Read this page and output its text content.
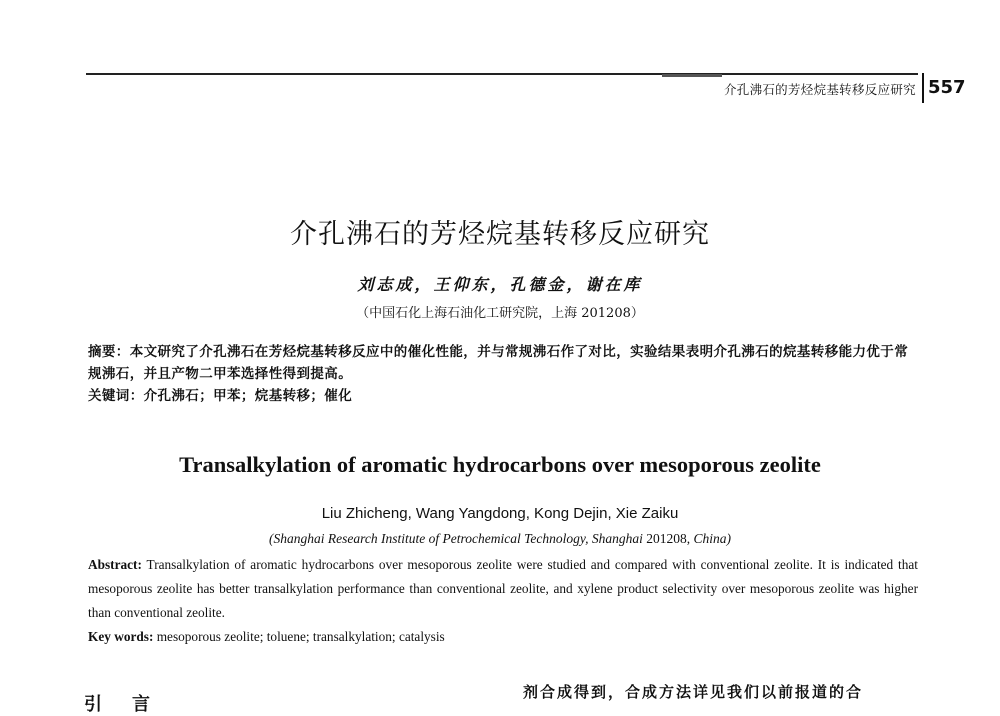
介孔沸石的芳烃烷基转移反应研究 557
介孔沸石的芳烃烷基转移反应研究
刘志成，王仰东，孔德金，谢在库
（中国石化上海石油化工研究院，上海 201208）
摘要：本文研究了介孔沸石在芳烃烷基转移反应中的催化性能，并与常规沸石作了对比，实验结果表明介孔沸石的烷基转移能力优于常规沸石，并且产物二甲苯选择性得到提高。
关键词：介孔沸石；甲苯；烷基转移；催化
Transalkylation of aromatic hydrocarbons over mesoporous zeolite
Liu Zhicheng, Wang Yangdong, Kong Dejin, Xie Zaiku
(Shanghai Research Institute of Petrochemical Technology, Shanghai 201208, China)
Abstract: Transalkylation of aromatic hydrocarbons over mesoporous zeolite were studied and compared with conventional zeolite. It is indicated that mesoporous zeolite has better transalkylation performance than conventional zeolite, and xylene product selectivity over mesoporous zeolite was higher than conventional zeolite.
Key words: mesoporous zeolite; toluene; transalkylation; catalysis
引言
剂合成得到，合成方法详见我们以前报道的合
